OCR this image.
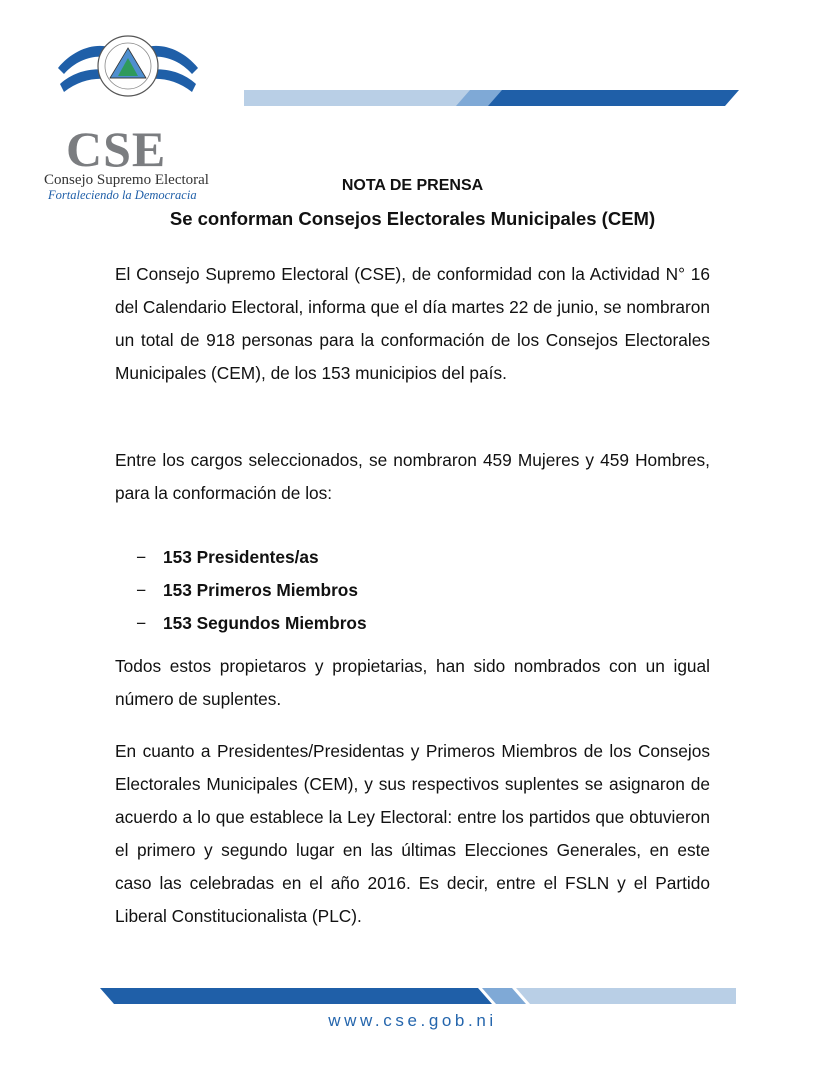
CSE
Consejo Supremo Electoral
Fortaleciendo la Democracia
NOTA DE PRENSA
Se conforman Consejos Electorales Municipales (CEM)
El Consejo Supremo Electoral (CSE), de conformidad con la Actividad N° 16 del Calendario Electoral, informa que el día martes 22 de junio, se nombraron un total de 918 personas para la conformación de los Consejos Electorales Municipales (CEM), de los 153 municipios del país.
Entre los cargos seleccionados, se nombraron 459 Mujeres y 459 Hombres, para la conformación de los:
− 153 Presidentes/as
− 153 Primeros Miembros
− 153 Segundos Miembros
Todos estos propietaros y propietarias, han sido nombrados con un igual número de suplentes.
En cuanto a Presidentes/Presidentas y Primeros Miembros de los Consejos Electorales Municipales (CEM), y sus respectivos suplentes se asignaron de acuerdo a lo que establece la Ley Electoral: entre los partidos que obtuvieron el primero y segundo lugar en las últimas Elecciones Generales, en este caso las celebradas en el año 2016. Es decir, entre el FSLN y el Partido Liberal Constitucionalista (PLC).
www.cse.gob.ni
